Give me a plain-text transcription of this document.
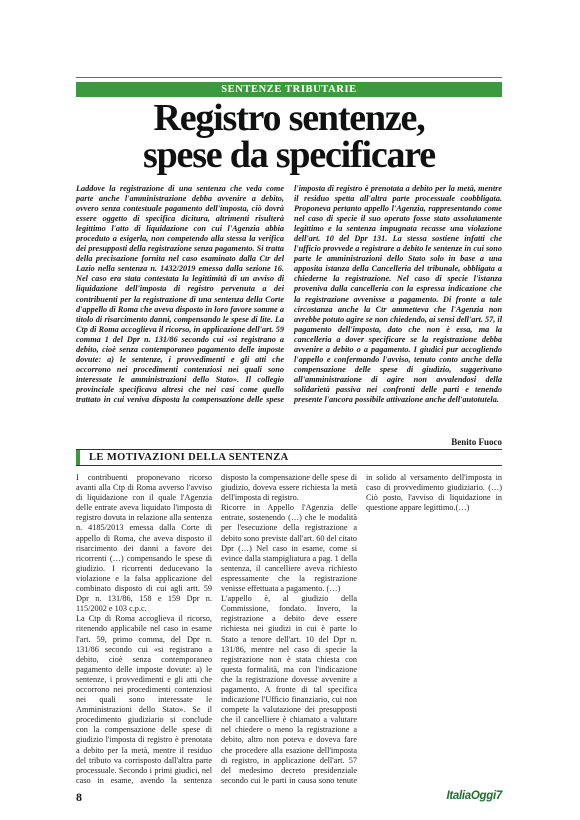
SENTENZE TRIBUTARIE
Registro sentenze,
spese da specificare

Laddove la registrazione di una sentenza che veda come parte anche l'amministrazione debba avvenire a debito, ovvero senza contestuale pagamento dell'imposta, ciò dovrà essere oggetto di specifica dicitura, altrimenti risulterà legittimo l'atto di liquidazione con cui l'Agenzia abbia proceduto a esigerla, non competendo alla stessa la verifica dei presupposti della registrazione senza pagamento. Si tratta della precisazione fornita nel caso esaminato dalla Ctr del Lazio nella sentenza n. 1432/2019 emessa dalla sezione 16. Nel caso era stata contestata la legittimità di un avviso di liquidazione dell'imposta di registro pervenuta a dei contribuenti per la registrazione di una sentenza della Corte d'appello di Roma che aveva disposto in loro favore somme a titolo di risarcimento danni, compensando le spese di lite. La Ctp di Roma accoglieva il ricorso, in applicazione dell'art. 59 comma 1 del Dpr n. 131/86 secondo cui «si registrano a debito, cioè senza contemporaneo pagamento delle imposte dovute: a) le sentenze, i provvedimenti e gli atti che occorrono nei procedimenti contenziosi nei quali sono interessate le amministrazioni dello Stato». Il collegio provinciale specificava altresì che nei casi come quello trattato in cui veniva disposta la compensazione delle spese l'imposta di registro è prenotata a debito per la metà, mentre il residuo spetta all'altra parte processuale coobbligata. Proponeva pertanto appello l'Agenzia, rappresentando come nel caso di specie il suo operato fosse stato assolutamente legittimo e la sentenza impugnata recasse una violazione dell'art. 10 del Dpr 131. La stessa sostiene infatti che l'ufficio provvede a registrare a debito le sentenze in cui sono parte le amministrazioni dello Stato solo in base a una apposita istanza della Cancelleria del tribunale, obbligata a chiederne la registrazione. Nel caso di specie l'istanza proveniva dalla cancelleria con la espressa indicazione che la registrazione avvenisse a pagamento. Di fronte a tale circostanza anche la Ctr ammetteva che l'Agenzia non avrebbe potuto agire se non chiedendo, ai sensi dell'art. 57, il pagamento dell'imposta, dato che non è essa, ma la cancelleria a dover specificare se la registrazione debba avvenire a debito o a pagamento. I giudici pur accogliendo l'appello e confermando l'avviso, tenuto conto anche della compensazione delle spese di giudizio, suggerivano all'amministrazione di agire non avvalendosi della solidarietà passiva nei confronti delle parti e tenendo presente l'ancora possibile attivazione anche dell'autotutela.

Benito Fuoco
LE MOTIVAZIONI DELLA SENTENZA

I contribuenti proponevano ricorso avanti alla Ctp di Roma avverso l'avviso di liquidazione con il quale l'Agenzia delle entrate aveva liquidato l'imposta di registro dovuta in relazione alla sentenza n. 4185/2013 emessa dalla Corte di appello di Roma, che aveva disposto il risarcimento dei danni a favore dei ricorrenti (…) compensando le spese di giudizio. I ricorrenti deducevano la violazione e la falsa applicazione del combinato disposto di cui agli artt. 59 Dpr n. 131/86, 158 e 159 Dpr n. 115/2002 e 103 c.p.c.

La Ctp di Roma accoglieva il ricorso, ritenendo applicabile nel caso in esame l'art. 59, primo comma, del Dpr n. 131/86 secondo cui «si registrano a debito, cioè senza contemporaneo pagamento delle imposte dovute: a) le sentenze, i provvedimenti e gli atti che occorrono nei procedimenti contenziosi nei quali sono interessate le Amministrazioni dello Stato». Se il procedimento giudiziario si conclude con la compensazione delle spese di giudizio l'imposta di registro è prenotata a debito per la metà, mentre il residuo del tributo va corrisposto dall'altra parte processuale. Secondo i primi giudici, nel caso in esame, avendo la sentenza disposto la compensazione delle spese di giudizio, doveva essere richiesta la metà dell'imposta di registro.

Ricorre in Appello l'Agenzia delle entrate, sostenendo (…) che le modalità per l'esecuzione della registrazione a debito sono previste dall'art. 60 del citato Dpr (…) Nel caso in esame, come si evince dalla stampigliatura a pag. 1 della sentenza, il cancelliere aveva richiesto espressamente che la registrazione venisse effettuata a pagamento. (…)

L'appello è, al giudizio della Commissione, fondato. Invero, la registrazione a debito deve essere richiesta nei giudizi in cui è parte lo Stato a tenore dell'art. 10 del Dpr n. 131/86, mentre nel caso di specie la registrazione non è stata chiesta con questa formalità, ma con l'indicazione che la registrazione dovesse avvenire a pagamento. A fronte di tal specifica indicazione l'Ufficio finanziario, cui non compete la valutazione dei presupposti che il cancelliere è chiamato a valutare nel chiedere o meno la registrazione a debito, altro non poteva e doveva fare che procedere alla esazione dell'imposta di registro, in applicazione dell'art. 57 del medesimo decreto presidenziale secondo cui le parti in causa sono tenute in solido al versamento dell'imposta in caso di provvedimento giudiziario. (…) Ciò posto, l'avviso di liquidazione in questione appare legittimo.(…)

8	ItaliaOggi7
